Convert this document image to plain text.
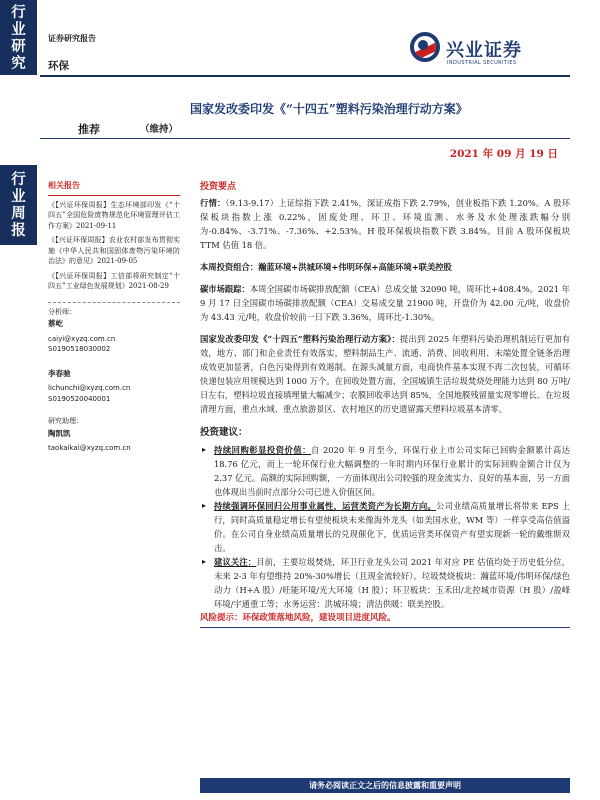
行业研究
行业周报
证券研究报告
环保
兴业证券
INDUSTRIAL SECURITIES
国家发改委印发《“十四五”塑料污染治理行动方案》
推荐	（维持）
2021 年 09 月 19 日
相关报告
《【兴证环保周报】生态环境部印发《“十四五”全国危险废物规范化环境管理评估工作方案》2021-09-11
《【兴证环保周报】农业农村部发布贯彻实施《中华人民共和国固体废物污染环境防治法》的意见》2021-09-05
《【兴证环保周报】工信部将研究制定“十四五”工业绿色发展规划》2021-08-29
分析师：
蔡屹
caiyi@xyzq.com.cn
S0190518030002
李春驰
lichunchi@xyzq.com.cn
S0190520040001
研究助理：
陶凯凯
taokaikai@xyzq.com.cn
投资要点

行情：（9.13-9.17）上证综指下跌 2.41%，深证成指下跌 2.79%，创业板指下跌 1.20%。A 股环保板块指数上涨 0.22%，固废处理、环卫、环境监测、水务及水处理涨跌幅分别为-0.84%、-3.71%、-7.36%、+2.53%。H 股环保板块指数下跌 3.84%。目前 A 股环保板块 TTM 估值 18 倍。

本周投资组合：瀚蓝环境+洪城环境+伟明环保+高能环境+联美控股

碳市场跟踪：本周全国碳市场碳排放配额（CEA）总成交量 32090 吨，周环比+408.4%。2021 年 9 月 17 日全国碳市场碳排放配额（CEA）交易成交量 21900 吨，开盘价为 42.00 元/吨，收盘价为 43.43 元/吨，收盘价较前一日下跌 3.36%，周环比-1.30%。

国家发改委印发《“十四五”塑料污染治理行动方案》：提出到 2025 年塑料污染治理机制运行更加有效，地方、部门和企业责任有效落实，塑料制品生产、流通、消费、回收利用、末端处置全链条治理成效更加显著，白色污染得到有效遏制。在源头减量方面，电商快件基本实现不再二次包装，可循环快递包装应用规模达到 1000 万个。在回收处置方面，全国城镇生活垃圾焚烧处理能力达到 80 万吨/日左右，塑料垃圾直接填埋量大幅减少；农膜回收率达到 85%，全国地膜残留量实现零增长。在垃圾清理方面，重点水域、重点旅游景区、农村地区的历史遗留露天塑料垃圾基本清零。

投资建议：

▸ 持续回购彰显投资价值：自 2020 年 9 月至今，环保行业上市公司实际已回购金额累计高达 18.76 亿元，而上一轮环保行业大幅调整的一年时期内环保行业累计的实际回购金额合计仅为 2.37 亿元。高额的实际回购额，一方面体现出公司较强的现金流实力、良好的基本面，另一方面也体现出当前时点部分公司已进入价值区间。

▸ 持续强调环保回归公用事业属性，运营类资产为长期方向。公司业绩高质量增长将带来 EPS 上行，同时高质量稳定增长有望使板块未来像海外龙头（如美国水业，WM 等）一样享受高估值溢价。在公司自身业绩高质量增长的兑现催化下，优质运营类环保资产有望实现新一轮的戴维斯双击。

▸ 建议关注：目前，主要垃圾焚烧，环卫行业龙头公司 2021 年对应 PE 估值均处于历史低分位，未来 2-3 年有望维持 20%-30%增长（且现金流较好）。垃圾焚烧板块：瀚蓝环境/伟明环保/绿色动力（H+A 股）/旺能环境/光大环境（H 股）；环卫板块：玉禾田/北控城市资源（H 股）/盈峰环境/宇通重工等；水务运营：洪城环境；清洁供暖：联美控股。

风险提示：环保政策落地风险，建设项目进度风险。
请务必阅读正文之后的信息披露和重要声明
